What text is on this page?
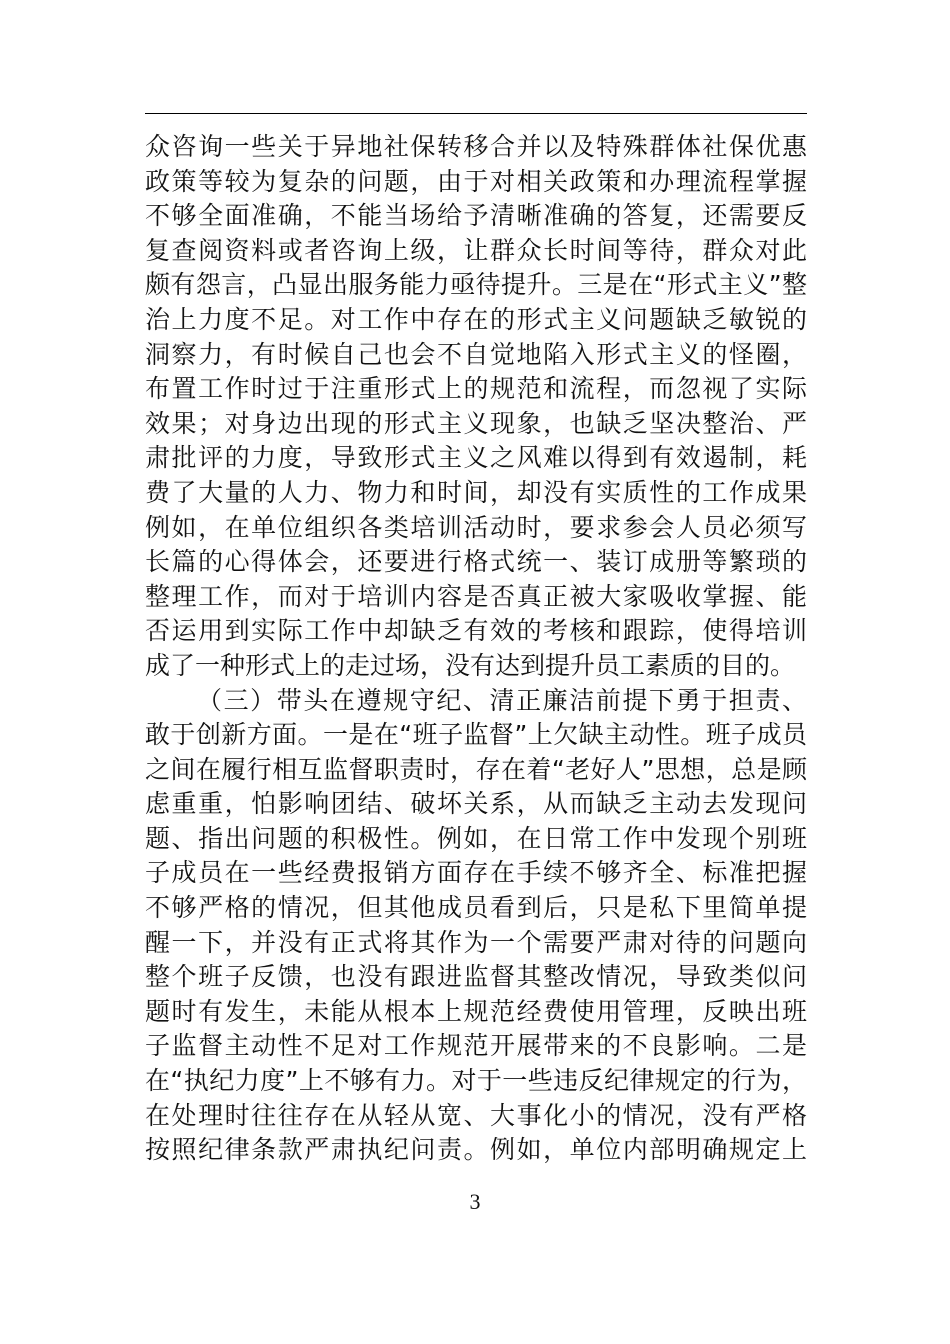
众咨询一些关于异地社保转移合并以及特殊群体社保优惠
政策等较为复杂的问题，由于对相关政策和办理流程掌握
不够全面准确，不能当场给予清晰准确的答复，还需要反
复查阅资料或者咨询上级，让群众长时间等待，群众对此
颇有怨言，凸显出服务能力亟待提升。三是在“形式主义”整
治上力度不足。对工作中存在的形式主义问题缺乏敏锐的
洞察力，有时候自己也会不自觉地陷入形式主义的怪圈，
布置工作时过于注重形式上的规范和流程，而忽视了实际
效果；对身边出现的形式主义现象，也缺乏坚决整治、严
肃批评的力度，导致形式主义之风难以得到有效遏制，耗
费了大量的人力、物力和时间，却没有实质性的工作成果
例如，在单位组织各类培训活动时，要求参会人员必须写
长篇的心得体会，还要进行格式统一、装订成册等繁琐的
整理工作，而对于培训内容是否真正被大家吸收掌握、能
否运用到实际工作中却缺乏有效的考核和跟踪，使得培训
成了一种形式上的走过场，没有达到提升员工素质的目的。
（三）带头在遵规守纪、清正廉洁前提下勇于担责、
敢于创新方面。一是在“班子监督”上欠缺主动性。班子成员
之间在履行相互监督职责时，存在着“老好人”思想，总是顾
虑重重，怕影响团结、破坏关系，从而缺乏主动去发现问
题、指出问题的积极性。例如，在日常工作中发现个别班
子成员在一些经费报销方面存在手续不够齐全、标准把握
不够严格的情况，但其他成员看到后，只是私下里简单提
醒一下，并没有正式将其作为一个需要严肃对待的问题向
整个班子反馈，也没有跟进监督其整改情况，导致类似问
题时有发生，未能从根本上规范经费使用管理，反映出班
子监督主动性不足对工作规范开展带来的不良影响。二是
在“执纪力度”上不够有力。对于一些违反纪律规定的行为，
在处理时往往存在从轻从宽、大事化小的情况，没有严格
按照纪律条款严肃执纪问责。例如，单位内部明确规定上
3
